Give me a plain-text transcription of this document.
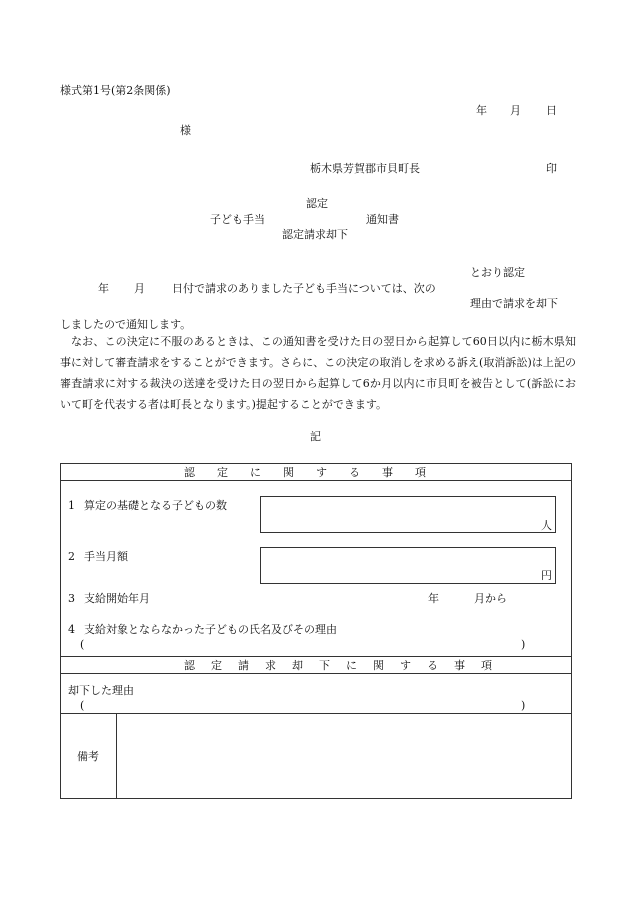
様式第1号(第2条関係)
年 月 日
様
栃木県芳賀郡市貝町長	印
認定
子ども手当	通知書
認定請求却下
とおり認定
年 月 日付で請求のありました子ども手当については、次の
理由で請求を却下
しましたので通知します。
なお、この決定に不服のあるときは、この通知書を受けた日の翌日から起算して60日以内に栃木県知事に対して審査請求をすることができます。さらに、この決定の取消しを求める訴え(取消訴訟)は上記の審査請求に対する裁決の送達を受けた日の翌日から起算して6か月以内に市貝町を被告として(訴訟において町を代表する者は町長となります。)提起することができます。
記
認定に関する事項
1 算定の基礎となる子どもの数
人
2 手当月額
円
3 支給開始年月	年	月から
4 支給対象とならなかった子どもの氏名及びその理由
(	)
認定請求却下に関する事項
却下した理由
(	)
備考
